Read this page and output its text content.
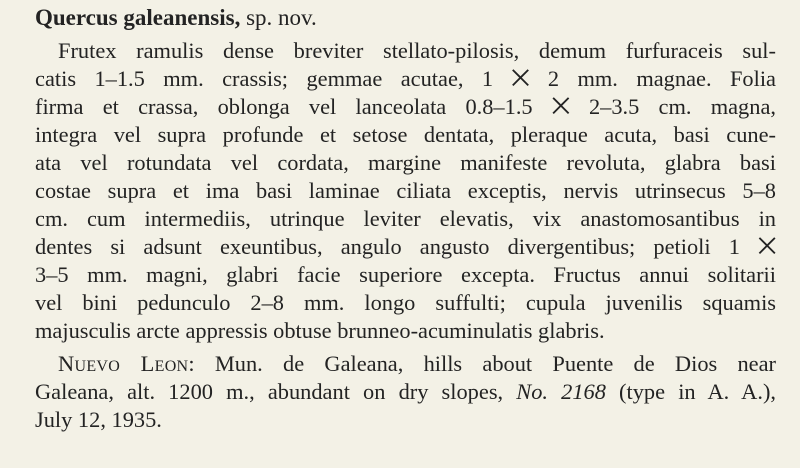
Quercus galeanensis, sp. nov.
Frutex ramulis dense breviter stellato-pilosis, demum furfuraceis sul-
catis 1–1.5 mm. crassis; gemmae acutae, 1 ⨉ 2 mm. magnae. Folia
firma et crassa, oblonga vel lanceolata 0.8–1.5 ⨉ 2–3.5 cm. magna,
integra vel supra profunde et setose dentata, pleraque acuta, basi cune-
ata vel rotundata vel cordata, margine manifeste revoluta, glabra basi
costae supra et ima basi laminae ciliata exceptis, nervis utrinsecus 5–8
cm. cum intermediis, utrinque leviter elevatis, vix anastomosantibus in
dentes si adsunt exeuntibus, angulo angusto divergentibus; petioli 1 ⨉
3–5 mm. magni, glabri facie superiore excepta. Fructus annui solitarii
vel bini pedunculo 2–8 mm. longo suffulti; cupula juvenilis squamis
majusculis arcte appressis obtuse brunneo-acuminulatis glabris.
Nuevo Leon: Mun. de Galeana, hills about Puente de Dios near
Galeana, alt. 1200 m., abundant on dry slopes, No. 2168 (type in A. A.),
July 12, 1935.
